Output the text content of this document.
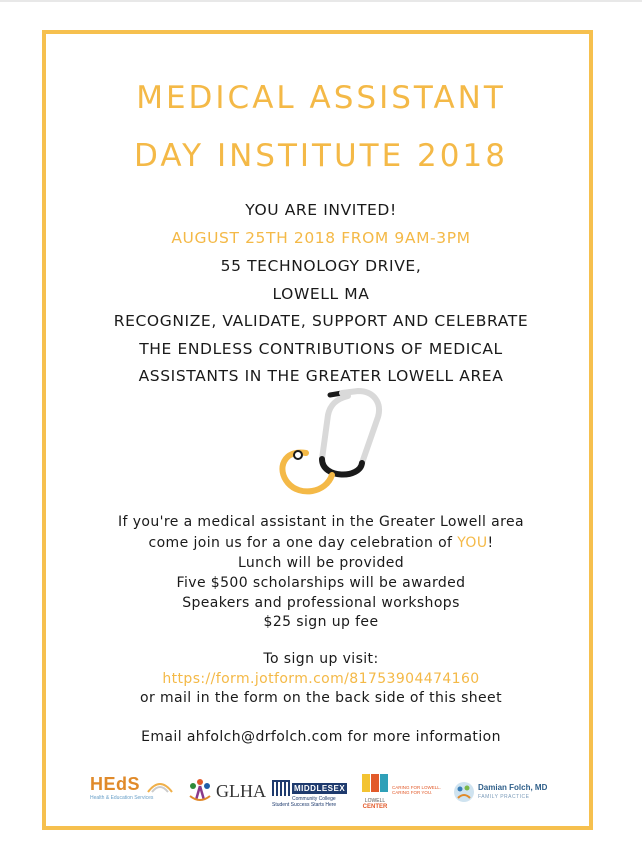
MEDICAL ASSISTANT
DAY INSTITUTE 2018
YOU ARE INVITED!
AUGUST 25TH 2018 FROM 9AM-3PM
55 TECHNOLOGY DRIVE,
LOWELL MA
RECOGNIZE, VALIDATE, SUPPORT AND CELEBRATE
THE ENDLESS CONTRIBUTIONS OF MEDICAL
ASSISTANTS IN THE GREATER LOWELL AREA
If you're a medical assistant in the Greater Lowell area
come join us for a one day celebration of YOU!
Lunch will be provided
Five $500 scholarships will be awarded
Speakers and professional workshops
$25 sign up fee
To sign up visit:
https://form.jotform.com/81753904474160
or mail in the form on the back side of this sheet
Email ahfolch@drfolch.com for more information
HEdS
Health & Education Services	GLHA	MIDDLESEX
Community College
Student Success Starts Here
LOWELL
CENTER
CARING FOR LOWELL.
CARING FOR YOU.
Damian Folch, MD
FAMILY PRACTICE
